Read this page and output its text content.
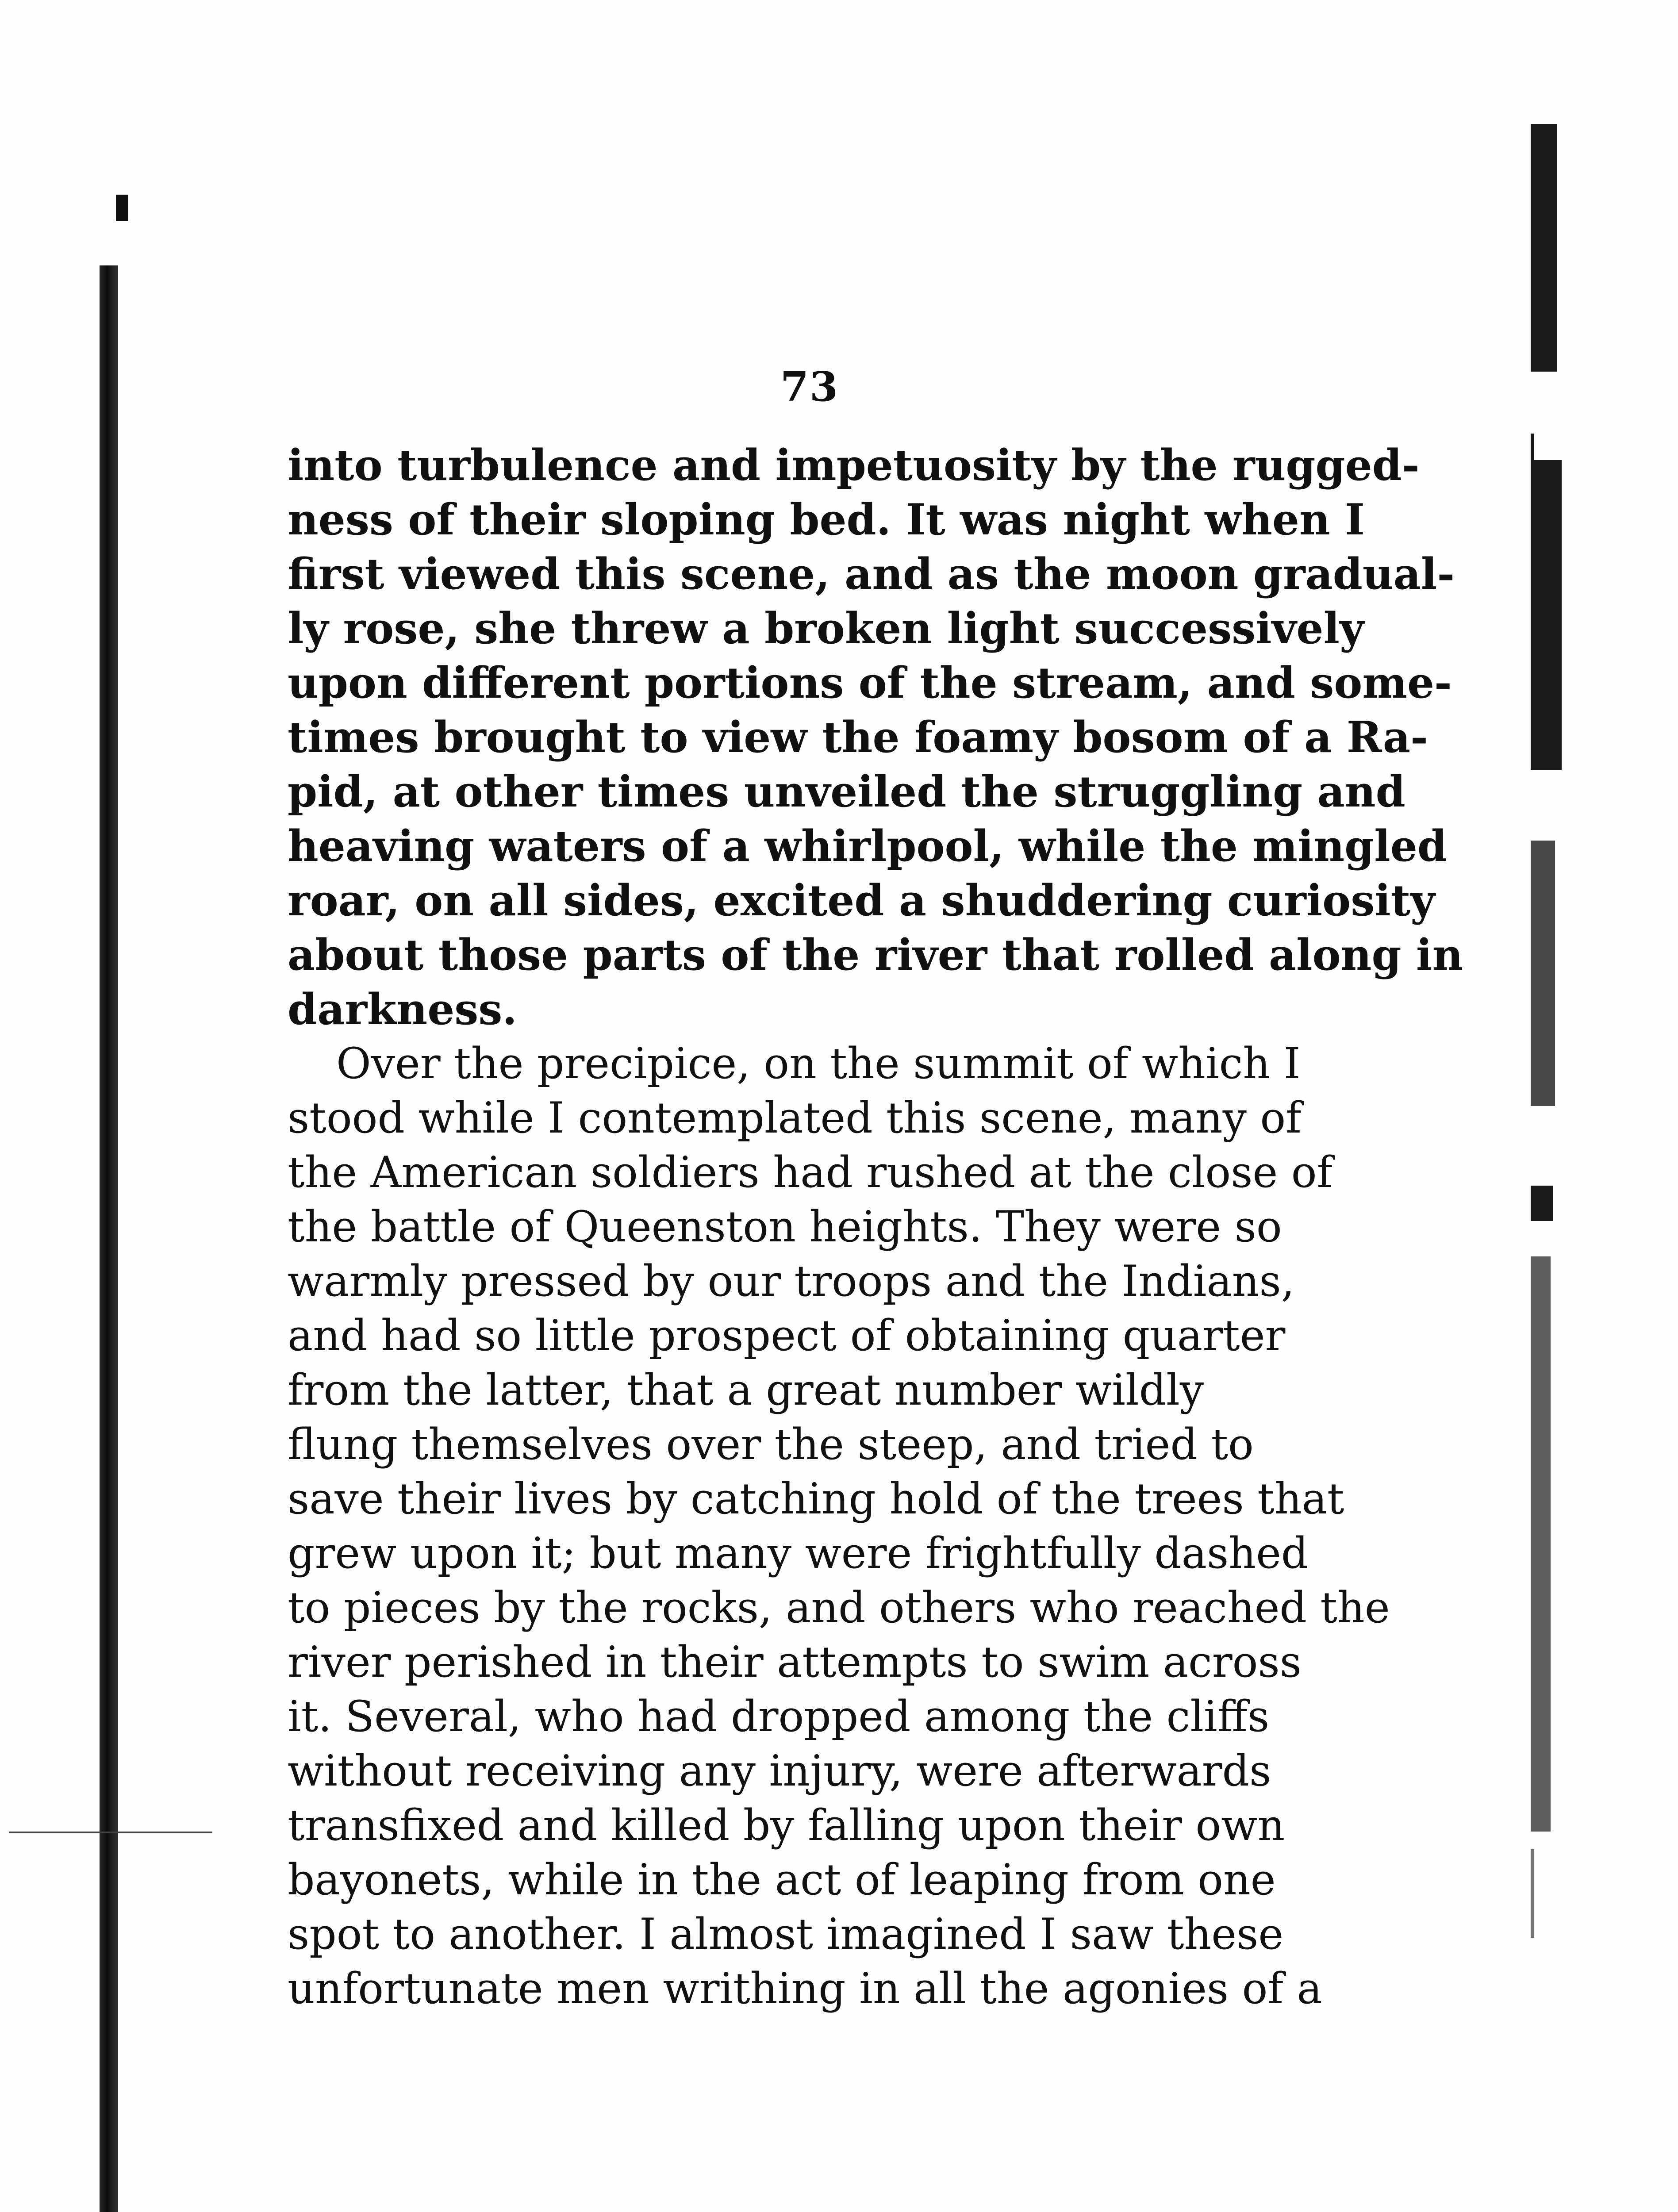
73
into turbulence and impetuosity by the rugged-
ness of their sloping bed. It was night when I
first viewed this scene, and as the moon gradual-
ly rose, she threw a broken light successively
upon different portions of the stream, and some-
times brought to view the foamy bosom of a Ra-
pid, at other times unveiled the struggling and
heaving waters of a whirlpool, while the mingled
roar, on all sides, excited a shuddering curiosity
about those parts of the river that rolled along in
darkness.
Over the precipice, on the summit of which I
stood while I contemplated this scene, many of
the American soldiers had rushed at the close of
the battle of Queenston heights. They were so
warmly pressed by our troops and the Indians,
and had so little prospect of obtaining quarter
from the latter, that a great number wildly
flung themselves over the steep, and tried to
save their lives by catching hold of the trees that
grew upon it; but many were frightfully dashed
to pieces by the rocks, and others who reached the
river perished in their attempts to swim across
it. Several, who had dropped among the cliffs
without receiving any injury, were afterwards
transfixed and killed by falling upon their own
bayonets, while in the act of leaping from one
spot to another. I almost imagined I saw these
unfortunate men writhing in all the agonies of a
